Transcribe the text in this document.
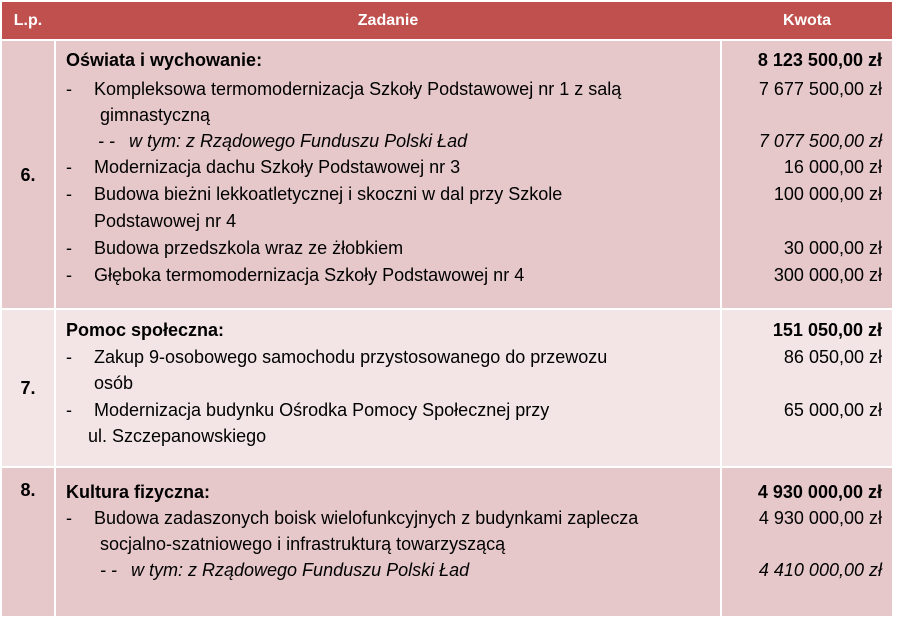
L.p.	Zadanie	Kwota
6.
Oświata i wychowanie:	8 123 500,00 zł
- Kompleksowa termomodernizacja Szkoły Podstawowej nr 1 z salą
gimnastyczną
7 677 500,00 zł
- - w tym: z Rządowego Funduszu Polski Ład	7 077 500,00 zł
- Modernizacja dachu Szkoły Podstawowej nr 3	16 000,00 zł
- Budowa bieżni lekkoatletycznej i skoczni w dal przy Szkole
Podstawowej nr 4
100 000,00 zł
- Budowa przedszkola wraz ze żłobkiem	30 000,00 zł
- Głęboka termomodernizacja Szkoły Podstawowej nr 4	300 000,00 zł
7.
Pomoc społeczna:	151 050,00 zł
- Zakup 9-osobowego samochodu przystosowanego do przewozu
osób
86 050,00 zł
- Modernizacja budynku Ośrodka Pomocy Społecznej przy
ul. Szczepanowskiego
65 000,00 zł
8.	Kultura fizyczna:	4 930 000,00 zł
- Budowa zadaszonych boisk wielofunkcyjnych z budynkami zaplecza
socjalno-szatniowego i infrastrukturą towarzyszącą
4 930 000,00 zł
- - w tym: z Rządowego Funduszu Polski Ład	4 410 000,00 zł
